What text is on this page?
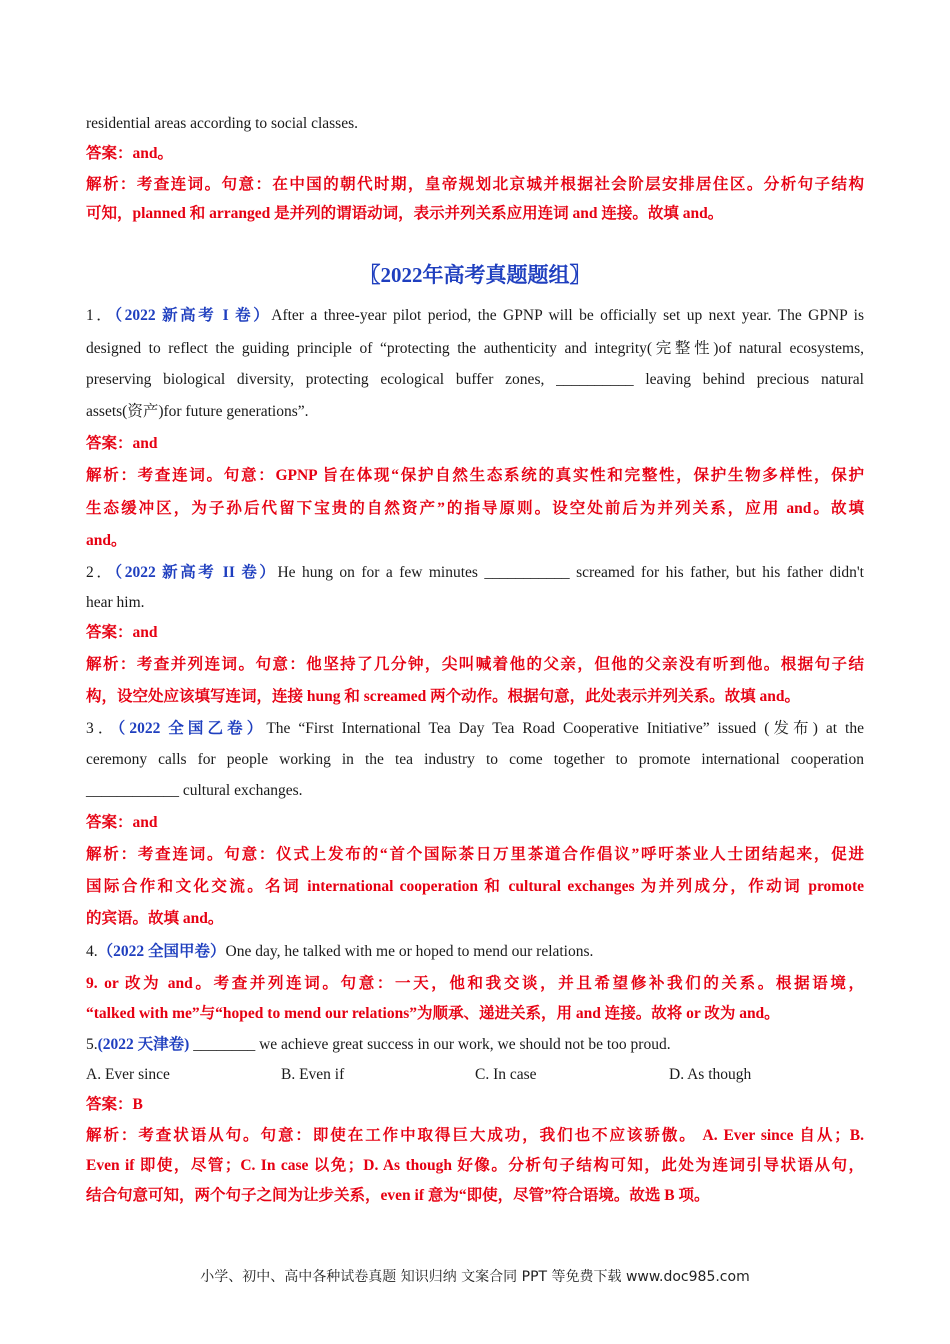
residential areas according to social classes.
答案：and。
解析：考查连词。句意：在中国的朝代时期，皇帝规划北京城并根据社会阶层安排居住区。分析句子结构
可知，planned 和 arranged 是并列的谓语动词，表示并列关系应用连词 and 连接。故填 and。
〖2022年高考真题题组〗
1．（2022 新高考 I 卷）After a three-year pilot period, the GPNP will be officially set up next year. The GPNP is
designed to reflect the guiding principle of “protecting the authenticity and integrity(完整性)of natural ecosystems,
preserving biological diversity, protecting ecological buffer zones, __________ leaving behind precious natural
assets(资产)for future generations”.
答案：and
解析：考查连词。句意：GPNP 旨在体现“保护自然生态系统的真实性和完整性，保护生物多样性，保护
生态缓冲区，为子孙后代留下宝贵的自然资产”的指导原则。设空处前后为并列关系，应用 and。故填
and。
2．（2022 新高考 II 卷）He hung on for a few minutes ___________ screamed for his father, but his father didn't
hear him.
答案：and
解析：考查并列连词。句意：他坚持了几分钟，尖叫喊着他的父亲，但他的父亲没有听到他。根据句子结
构，设空处应该填写连词，连接 hung 和 screamed 两个动作。根据句意，此处表示并列关系。故填 and。
3．（2022 全国乙卷）The “First International Tea Day Tea Road Cooperative Initiative” issued (发布) at the
ceremony calls for people working in the tea industry to come together to promote international cooperation
____________ cultural exchanges.
答案：and
解析：考查连词。句意：仪式上发布的“首个国际茶日万里茶道合作倡议”呼吁茶业人士团结起来，促进
国际合作和文化交流。名词 international cooperation 和 cultural exchanges 为并列成分，作动词 promote
的宾语。故填 and。
4.（2022 全国甲卷）One day, he talked with me or hoped to mend our relations.
9. or 改为 and。考查并列连词。句意：一天，他和我交谈，并且希望修补我们的关系。根据语境，
“talked with me”与“hoped to mend our relations”为顺承、递进关系，用 and 连接。故将 or 改为 and。
5.(2022 天津卷) ________ we achieve great success in our work, we should not be too proud.
A. Ever since	B. Even if	C. In case	D. As though
答案：B
解析：考查状语从句。句意：即使在工作中取得巨大成功，我们也不应该骄傲。 A. Ever since 自从；B.
Even if 即使，尽管；C. In case 以免；D. As though 好像。分析句子结构可知，此处为连词引导状语从句，
结合句意可知，两个句子之间为让步关系，even if 意为“即使，尽管”符合语境。故选 B 项。
小学、初中、高中各种试卷真题 知识归纳 文案合同 PPT 等免费下载 www.doc985.com
